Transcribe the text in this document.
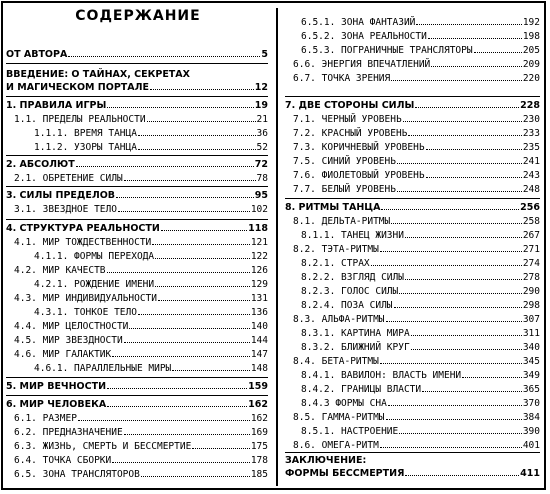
СОДЕРЖАНИЕ
ОТ АВТОРА	5
ВВЕДЕНИЕ: О ТАЙНАХ, СЕКРЕТАХ
И МАГИЧЕСКОМ ПОРТАЛЕ	12
1. ПРАВИЛА ИГРЫ	19
1.1. ПРЕДЕЛЫ РЕАЛЬНОСТИ	21
1.1.1. ВРЕМЯ ТАНЦА	36
1.1.2. УЗОРЫ ТАНЦА	52
2. АБСОЛЮТ	72
2.1. ОБРЕТЕНИЕ СИЛЫ	78
3. СИЛЫ ПРЕДЕЛОВ	95
3.1. ЗВЕЗДНОЕ ТЕЛО	102
4. СТРУКТУРА РЕАЛЬНОСТИ	118
4.1. МИР ТОЖДЕСТВЕННОСТИ	121
4.1.1. ФОРМЫ ПЕРЕХОДА	122
4.2. МИР КАЧЕСТВ	126
4.2.1. РОЖДЕНИЕ ИМЕНИ	129
4.3. МИР ИНДИВИДУАЛЬНОСТИ	131
4.3.1. ТОНКОЕ ТЕЛО	136
4.4. МИР ЦЕЛОСТНОСТИ	140
4.5. МИР ЗВЕЗДНОСТИ	144
4.6. МИР ГАЛАКТИК	147
4.6.1. ПАРАЛЛЕЛЬНЫЕ МИРЫ	148
5. МИР ВЕЧНОСТИ	159
6. МИР ЧЕЛОВЕКА	162
6.1. РАЗМЕР	162
6.2. ПРЕДНАЗНАЧЕНИЕ	169
6.3. ЖИЗНЬ, СМЕРТЬ И БЕССМЕРТИЕ	175
6.4. ТОЧКА СБОРКИ	178
6.5. ЗОНА ТРАНСЛЯТОРОВ	185
6.5.1. ЗОНА ФАНТАЗИЙ	192
6.5.2. ЗОНА РЕАЛЬНОСТИ	198
6.5.3. ПОГРАНИЧНЫЕ ТРАНСЛЯТОРЫ	205
6.6. ЭНЕРГИЯ ВПЕЧАТЛЕНИЙ	209
6.7. ТОЧКА ЗРЕНИЯ	220
7. ДВЕ СТОРОНЫ СИЛЫ	228
7.1. ЧЕРНЫЙ УРОВЕНЬ	230
7.2. КРАСНЫЙ УРОВЕНЬ	233
7.3. КОРИЧНЕВЫЙ УРОВЕНЬ	235
7.5. СИНИЙ УРОВЕНЬ	241
7.6. ФИОЛЕТОВЫЙ УРОВЕНЬ	243
7.7. БЕЛЫЙ УРОВЕНЬ	248
8. РИТМЫ ТАНЦА	256
8.1. ДЕЛЬТА-РИТМЫ	258
8.1.1. ТАНЕЦ ЖИЗНИ	267
8.2. ТЭТА-РИТМЫ	271
8.2.1. СТРАХ	274
8.2.2. ВЗГЛЯД СИЛЫ	278
8.2.3. ГОЛОС СИЛЫ	290
8.2.4. ПОЗА СИЛЫ	298
8.3. АЛЬФА-РИТМЫ	307
8.3.1. КАРТИНА МИРА	311
8.3.2. БЛИЖНИЙ КРУГ	340
8.4. БЕТА-РИТМЫ	345
8.4.1. ВАВИЛОН: ВЛАСТЬ ИМЕНИ	349
8.4.2. ГРАНИЦЫ ВЛАСТИ	365
8.4.3 ФОРМЫ СНА	370
8.5. ГАММА-РИТМЫ	384
8.5.1. НАСТРОЕНИЕ	390
8.6. ОМЕГА-РИТМ	401
ЗАКЛЮЧЕНИЕ:
ФОРМЫ БЕССМЕРТИЯ	411
